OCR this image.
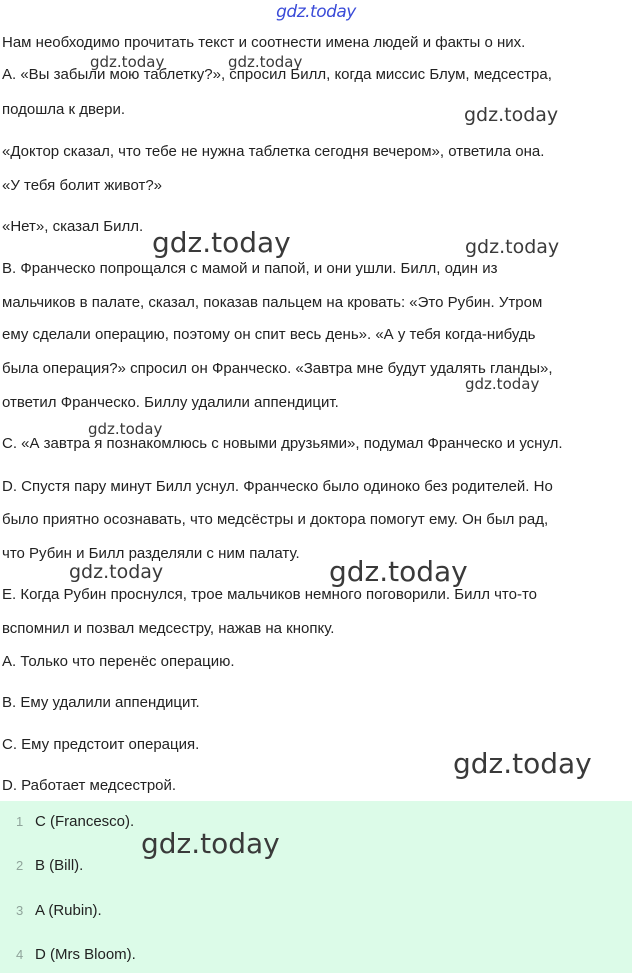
gdz.today
Нам необходимо прочитать текст и соотнести имена людей и факты о них.
A. «Вы забыли мою таблетку?», спросил Билл, когда миссис Блум, медсестра,
подошла к двери.
«Доктор сказал, что тебе не нужна таблетка сегодня вечером», ответила она.
«У тебя болит живот?»
«Нет», сказал Билл.
B. Франческо попрощался с мамой и папой, и они ушли. Билл, один из
мальчиков в палате, сказал, показав пальцем на кровать: «Это Рубин. Утром
ему сделали операцию, поэтому он спит весь день». «А у тебя когда-нибудь
была операция?» спросил он Франческо. «Завтра мне будут удалять гланды»,
ответил Франческо. Биллу удалили аппендицит.
C. «А завтра я познакомлюсь с новыми друзьями», подумал Франческо и уснул.
D. Спустя пару минут Билл уснул. Франческо было одиноко без родителей. Но
было приятно осознавать, что медсёстры и доктора помогут ему. Он был рад,
что Рубин и Билл разделяли с ним палату.
E. Когда Рубин проснулся, трое мальчиков немного поговорили. Билл что-то
вспомнил и позвал медсестру, нажав на кнопку.
A. Только что перенёс операцию.
B. Ему удалили аппендицит.
C. Ему предстоит операция.
D. Работает медсестрой.
1 C (Francesco).
2 B (Bill).
3 A (Rubin).
4 D (Mrs Bloom).
gdz.today	gdz.today
gdz.today
gdz.today	gdz.today
gdz.today
gdz.today
gdz.today	gdz.today
gdz.today
gdz.today
